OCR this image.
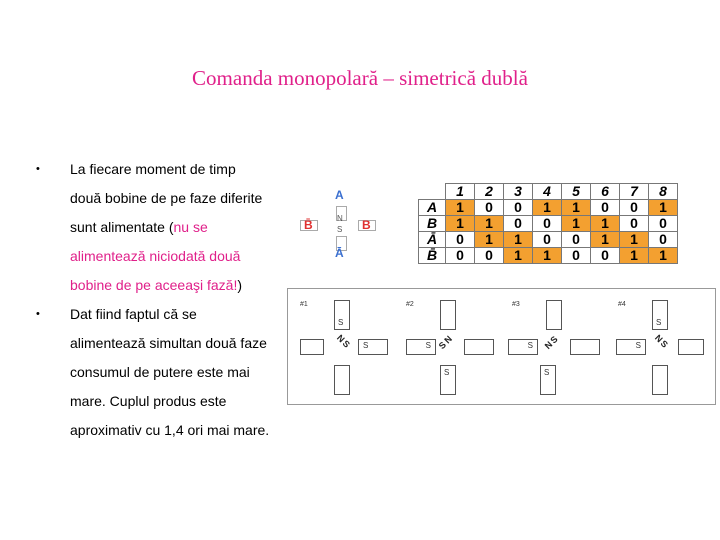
Comanda monopolară – simetrică dublă
• La fiecare moment de timp
două bobine de pe faze diferite
sunt alimentate (nu se
alimentează niciodată două
bobine de pe aceeaşi fază!)
• Dat fiind faptul că se
alimentează simultan două faze
consumul de putere este mai
mare. Cuplul produs este
aproximativ cu 1,4 ori mai mare.
A
B̄	N
S B
Ā
	1	2	3	4	5	6	7	8
A	1	0	0	1	1	0	0	1
B	1	1	0	0	1	1	0	0
Ā	0	1	1	0	0	1	1	0
B̄	0	0	1	1	0	0	1	1
#1
S
S
N
S
#2
S
S
S
N
#3
S
S
N
S
#4
S
S
N
S
